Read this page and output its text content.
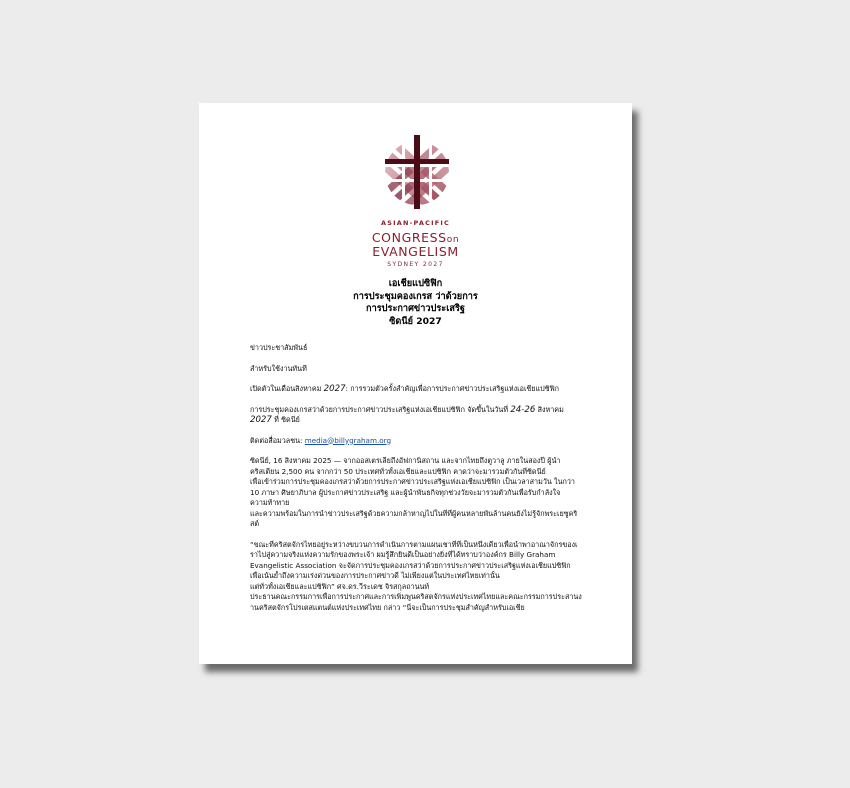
ASIAN-PACIFIC
CONGRESSon
EVANGELISM
SYDNEY 2027
เอเชียแปซิฟิก
การประชุมคองเกรส ว่าด้วยการ
การประกาศข่าวประเสริฐ
ซิดนีย์ 2027

ข่าวประชาสัมพันธ์

สำหรับใช้งานทันที

เปิดตัวในเดือนสิงหาคม 2027: การรวมตัวครั้งสำคัญเพื่อการประกาศข่าวประเสริฐแห่งเอเชียแปซิฟิก

การประชุมคองเกรสว่าด้วยการประกาศข่าวประเสริฐแห่งเอเชียแปซิฟิก จัดขึ้นในวันที่ 24-26 สิงหาคม
2027 ที่ ซิดนีย์

ติดต่อสื่อมวลชน: media@billygraham.org

ซิดนีย์, 16 สิงหาคม 2025 — จากออสเตรเลียถึงอัฟกานิสถาน และจากไทยถึงตูวาลู ภายในสองปี ผู้นำ
คริสเตียน 2,500 คน จากกว่า 50 ประเทศทั่วทั้งเอเชียและแปซิฟิก คาดว่าจะมารวมตัวกันที่ซิดนีย์
เพื่อเข้าร่วมการประชุมคองเกรสว่าด้วยการประกาศข่าวประเสริฐแห่งเอเชียแปซิฟิก เป็นเวลาสามวัน ในกว่า
10 ภาษา ศิษยาภิบาล ผู้ประกาศข่าวประเสริฐ และผู้นำพันธกิจทุกช่วงวัยจะมารวมตัวกันเพื่อรับกำลังใจ
ความท้าทาย
และความพร้อมในการนำข่าวประเสริฐด้วยความกล้าหาญไปในที่ที่ผู้คนหลายพันล้านคนยังไม่รู้จักพระเยซูคริ
สต์

“ขณะที่คริสตจักรไทยอยู่ระหว่างขบวนการดำเนินการตามแผนเชาที่ที่เป็นหนึ่งเดียวเพื่อนำพาอาณาจักรของเ
ราไปสู่ความจริงแห่งความรักของพระเจ้า ผมรู้สึกยินดีเป็นอย่างยิ่งที่ได้ทราบว่าองค์กร Billy Graham
Evangelistic Association จะจัดการประชุมคองเกรสว่าด้วยการประกาศข่าวประเสริฐแห่งเอเชียแปซิฟิก
เพื่อเน้นย้ำถึงความเร่งด่วนของการประกาศข่าวดี ไม่เพียงแต่ในประเทศไทยเท่านั้น
แต่ทั่วทั้งเอเชียและแปซิฟิก” ศจ.ดร.วีระเดช จิรสกุลถานนท์
ประธานคณะกรรมการเพื่อการประกาศและการเพิ่มพูนคริสตจักรแห่งประเทศไทยและคณะกรรมการประสานง
านคริสตจักรโปรเตสแตนต์แห่งประเทศไทย กล่าว “นี่จะเป็นการประชุมสำคัญสำหรับเอเชีย
